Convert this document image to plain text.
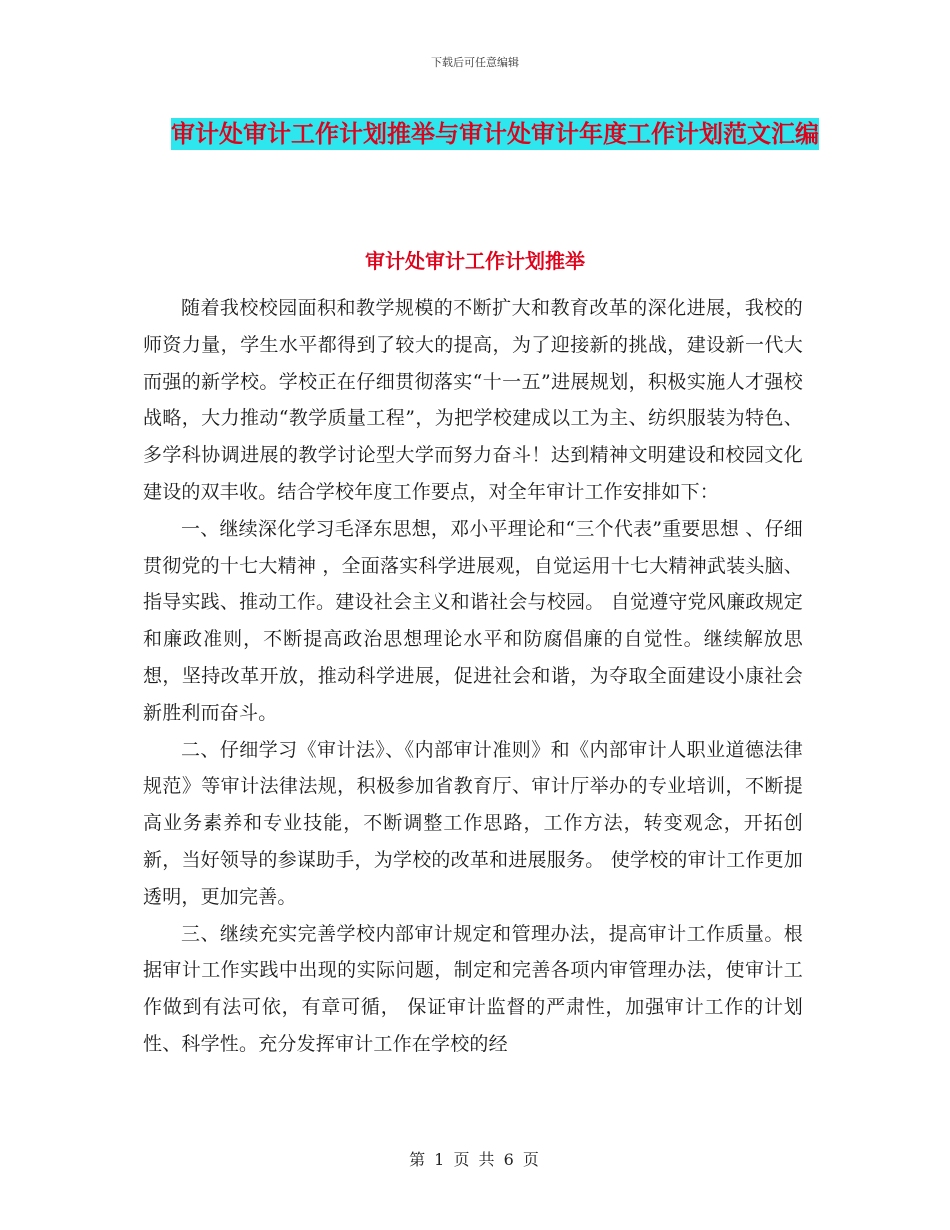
下载后可任意编辑
审计处审计工作计划推举与审计处审计年度工作计划范文汇编
审计处审计工作计划推举

随着我校校园面积和教学规模的不断扩大和教育改革的深化进展，我校的师资力量，学生水平都得到了较大的提高，为了迎接新的挑战，建设新一代大而强的新学校。学校正在仔细贯彻落实“十一五”进展规划，积极实施人才强校战略，大力推动“教学质量工程”，为把学校建成以工为主、纺织服装为特色、多学科协调进展的教学讨论型大学而努力奋斗！达到精神文明建设和校园文化建设的双丰收。结合学校年度工作要点，对全年审计工作安排如下：

一、继续深化学习毛泽东思想，邓小平理论和“三个代表”重要思想 、仔细贯彻党的十七大精神 ，全面落实科学进展观，自觉运用十七大精神武装头脑、指导实践、推动工作。建设社会主义和谐社会与校园。 自觉遵守党风廉政规定和廉政准则，不断提高政治思想理论水平和防腐倡廉的自觉性。继续解放思想，坚持改革开放，推动科学进展，促进社会和谐，为夺取全面建设小康社会新胜利而奋斗。

二、仔细学习《审计法》、《内部审计准则》和《内部审计人职业道德法律规范》等审计法律法规，积极参加省教育厅、审计厅举办的专业培训，不断提高业务素养和专业技能，不断调整工作思路，工作方法，转变观念，开拓创新，当好领导的参谋助手，为学校的改革和进展服务。 使学校的审计工作更加透明，更加完善。

三、继续充实完善学校内部审计规定和管理办法，提高审计工作质量。根据审计工作实践中出现的实际问题，制定和完善各项内审管理办法，使审计工作做到有法可依，有章可循， 保证审计监督的严肃性，加强审计工作的计划性、科学性。充分发挥审计工作在学校的经

第 1 页 共 6 页
